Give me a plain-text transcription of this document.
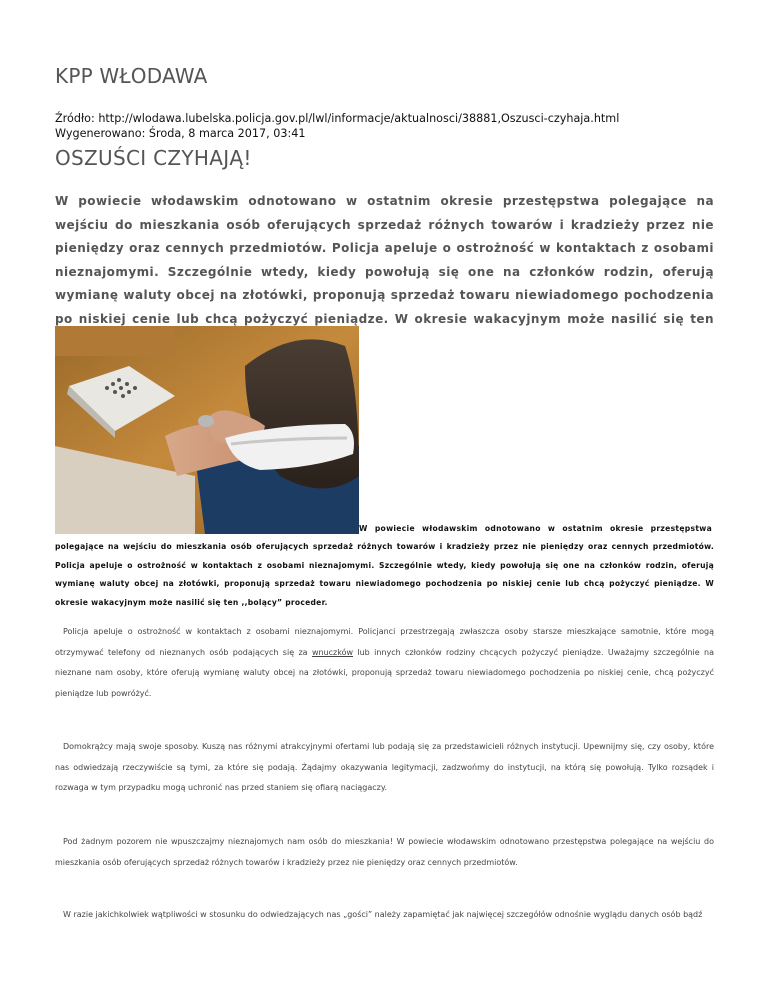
KPP WŁODAWA
Źródło: http://wlodawa.lubelska.policja.gov.pl/lwl/informacje/aktualnosci/38881,Oszusci-czyhaja.html
Wygenerowano: Środa, 8 marca 2017, 03:41
OSZUŚCI CZYHAJĄ!

W powiecie włodawskim odnotowano w ostatnim okresie przestępstwa polegające na wejściu do mieszkania osób oferujących sprzedaż różnych towarów i kradzieży przez nie pieniędzy oraz cennych przedmiotów. Policja apeluje o ostrożność w kontaktach z osobami nieznajomymi. Szczególnie wtedy, kiedy powołują się one na członków rodzin, oferują wymianę waluty obcej na złotówki, proponują sprzedaż towaru niewiadomego pochodzenia po niskiej cenie lub chcą pożyczyć pieniądze. W okresie wakacyjnym może nasilić się ten

W powiecie włodawskim odnotowano w ostatnim okresie przestępstwa

polegające na wejściu do mieszkania osób oferujących sprzedaż różnych towarów i kradzieży przez nie pieniędzy oraz cennych przedmiotów. Policja apeluje o ostrożność w kontaktach z osobami nieznajomymi. Szczególnie wtedy, kiedy powołują się one na członków rodzin, oferują wymianę waluty obcej na złotówki, proponują sprzedaż towaru niewiadomego pochodzenia po niskiej cenie lub chcą pożyczyć pieniądze. W okresie wakacyjnym może nasilić się ten ,,bolący” proceder.

Policja apeluje o ostrożność w kontaktach z osobami nieznajomymi. Policjanci przestrzegają zwłaszcza osoby starsze mieszkające samotnie, które mogą otrzymywać telefony od nieznanych osób podających się za wnuczków lub innych członków rodziny chcących pożyczyć pieniądze. Uważajmy szczególnie na nieznane nam osoby, które oferują wymianę waluty obcej na złotówki, proponują sprzedaż towaru niewiadomego pochodzenia po niskiej cenie, chcą pożyczyć pieniądze lub powróżyć.

Domokrążcy mają swoje sposoby. Kuszą nas różnymi atrakcyjnymi ofertami lub podają się za przedstawicieli różnych instytucji. Upewnijmy się, czy osoby, które nas odwiedzają rzeczywiście są tymi, za które się podają. Żądajmy okazywania legitymacji, zadzwońmy do instytucji, na którą się powołują. Tylko rozsądek i rozwaga w tym przypadku mogą uchronić nas przed staniem się ofiarą naciągaczy.

Pod żadnym pozorem nie wpuszczajmy nieznajomych nam osób do mieszkania! W powiecie włodawskim odnotowano przestępstwa polegające na wejściu do mieszkania osób oferujących sprzedaż różnych towarów i kradzieży przez nie pieniędzy oraz cennych przedmiotów.

W razie jakichkolwiek wątpliwości w stosunku do odwiedzających nas „gości” należy zapamiętać jak najwięcej szczegółów odnośnie wyglądu danych osób bądź
